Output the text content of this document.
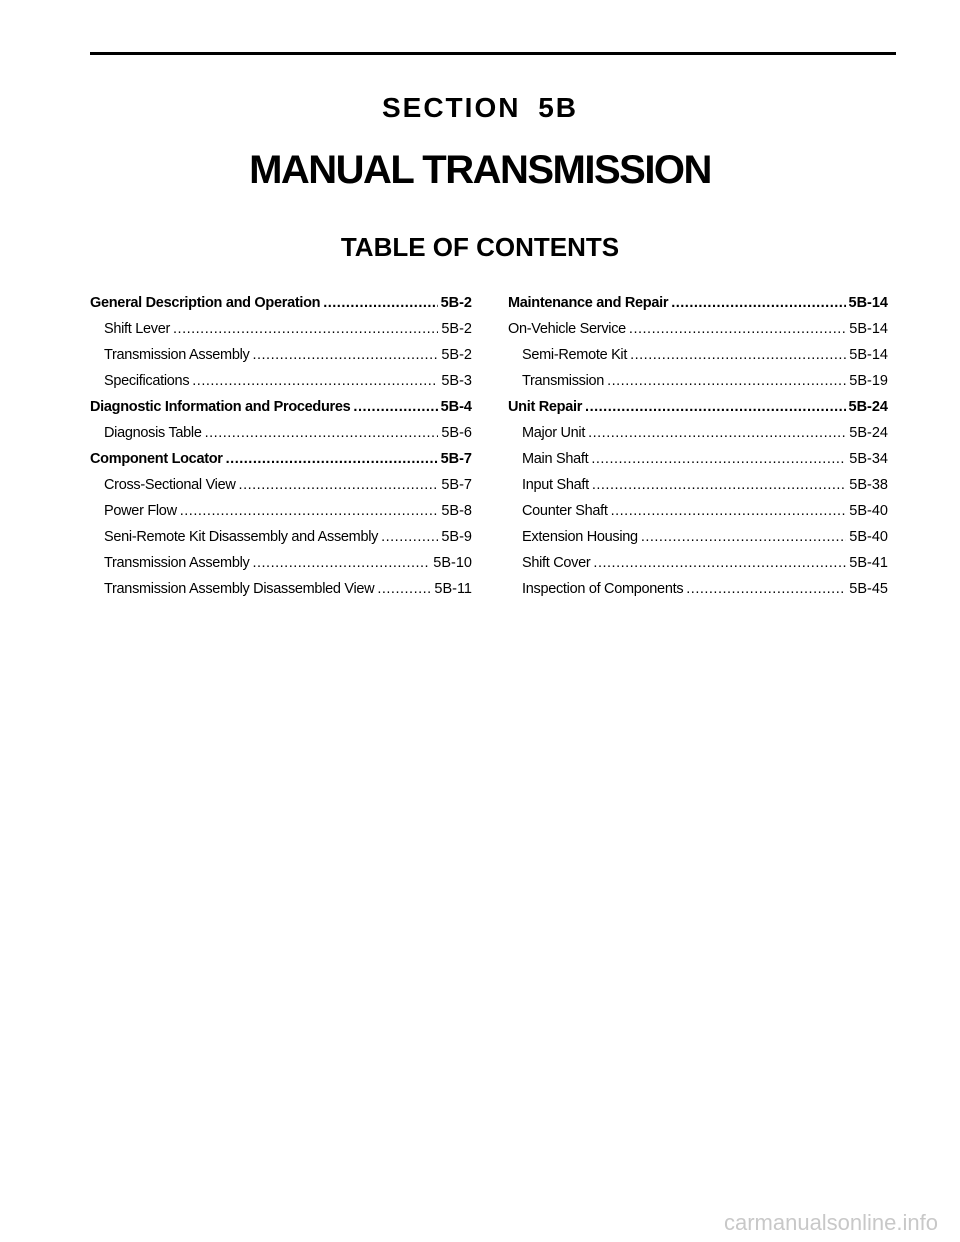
SECTION 5B
MANUAL TRANSMISSION
TABLE OF CONTENTS
General Description and Operation .....	5B-2
Shift Lever .....	5B-2
Transmission Assembly .....	5B-2
Specifications .....	5B-3
Diagnostic Information and Procedures .....	5B-4
Diagnosis Table .....	5B-6
Component Locator .....	5B-7
Cross-Sectional View .....	5B-7
Power Flow .....	5B-8
Seni-Remote Kit Disassembly and Assembly .....	5B-9
Transmission Assembly .....	5B-10
Transmission Assembly Disassembled View .....	5B-11
Maintenance and Repair .....	5B-14
On-Vehicle Service .....	5B-14
Semi-Remote Kit .....	5B-14
Transmission .....	5B-19
Unit Repair .....	5B-24
Major Unit .....	5B-24
Main Shaft .....	5B-34
Input Shaft .....	5B-38
Counter Shaft .....	5B-40
Extension Housing .....	5B-40
Shift Cover .....	5B-41
Inspection of Components .....	5B-45
carmanualsonline.info
